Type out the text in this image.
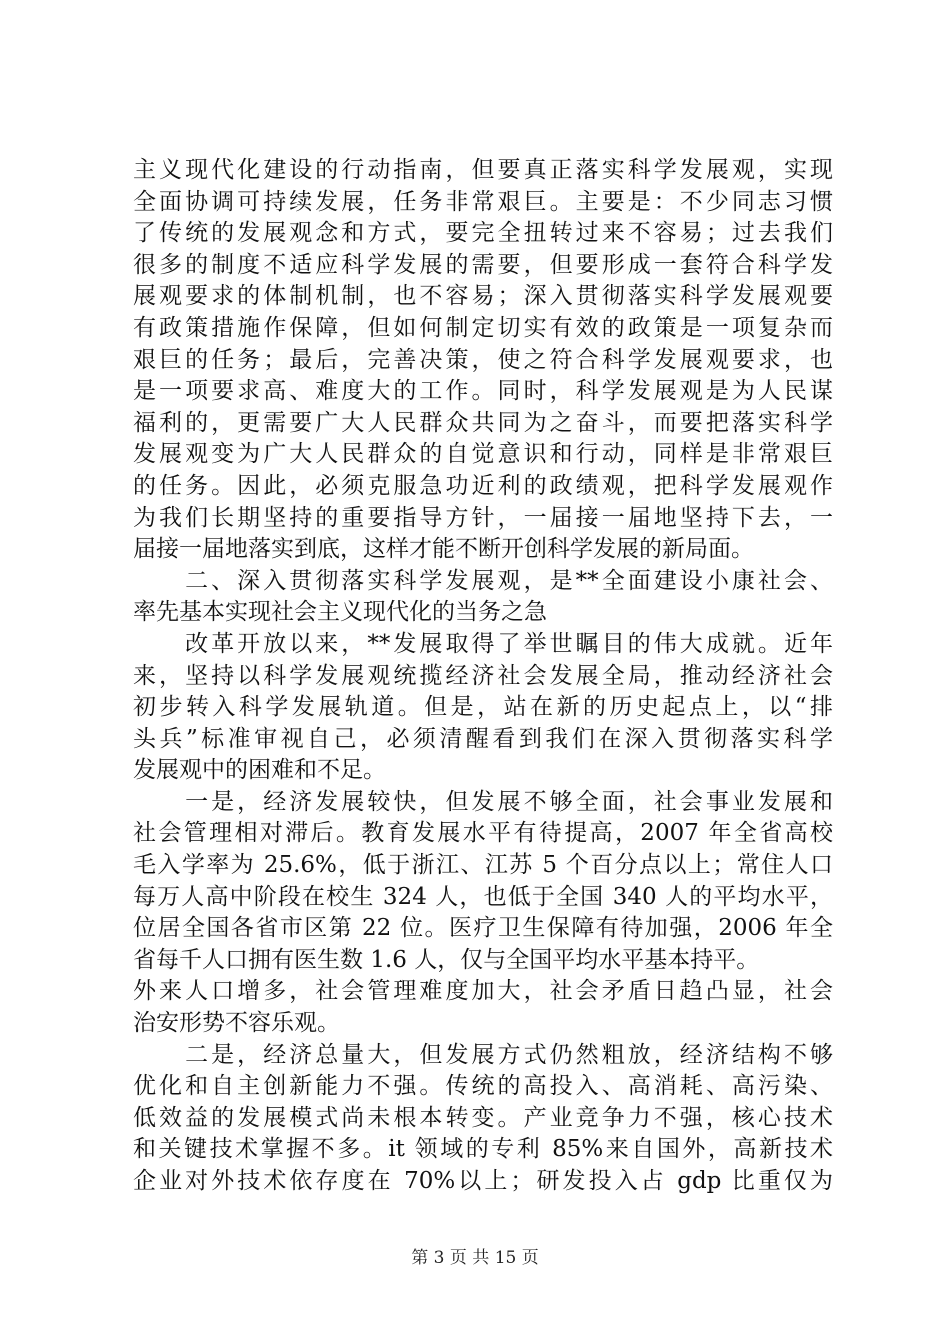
主义现代化建设的行动指南，但要真正落实科学发展观，实现
全面协调可持续发展，任务非常艰巨。主要是：不少同志习惯
了传统的发展观念和方式，要完全扭转过来不容易；过去我们
很多的制度不适应科学发展的需要，但要形成一套符合科学发
展观要求的体制机制，也不容易；深入贯彻落实科学发展观要
有政策措施作保障，但如何制定切实有效的政策是一项复杂而
艰巨的任务；最后，完善决策，使之符合科学发展观要求，也
是一项要求高、难度大的工作。同时，科学发展观是为人民谋
福利的，更需要广大人民群众共同为之奋斗，而要把落实科学
发展观变为广大人民群众的自觉意识和行动，同样是非常艰巨
的任务。因此，必须克服急功近利的政绩观，把科学发展观作
为我们长期坚持的重要指导方针，一届接一届地坚持下去，一
届接一届地落实到底，这样才能不断开创科学发展的新局面。
　　二、深入贯彻落实科学发展观，是**全面建设小康社会、
率先基本实现社会主义现代化的当务之急
　　改革开放以来，**发展取得了举世瞩目的伟大成就。近年
来，坚持以科学发展观统揽经济社会发展全局，推动经济社会
初步转入科学发展轨道。但是，站在新的历史起点上，以“排
头兵”标准审视自己，必须清醒看到我们在深入贯彻落实科学
发展观中的困难和不足。
　　一是，经济发展较快，但发展不够全面，社会事业发展和
社会管理相对滞后。教育发展水平有待提高，2007 年全省高校
毛入学率为 25.6%，低于浙江、江苏 5 个百分点以上；常住人口
每万人高中阶段在校生 324 人，也低于全国 340 人的平均水平，
位居全国各省市区第 22 位。医疗卫生保障有待加强，2006 年全
省每千人口拥有医生数 1.6 人，仅与全国平均水平基本持平。
外来人口增多，社会管理难度加大，社会矛盾日趋凸显，社会
治安形势不容乐观。
　　二是，经济总量大，但发展方式仍然粗放，经济结构不够
优化和自主创新能力不强。传统的高投入、高消耗、高污染、
低效益的发展模式尚未根本转变。产业竞争力不强，核心技术
和关键技术掌握不多。it 领域的专利 85%来自国外，高新技术
企业对外技术依存度在 70%以上；研发投入占 gdp 比重仅为
第 3 页 共 15 页
